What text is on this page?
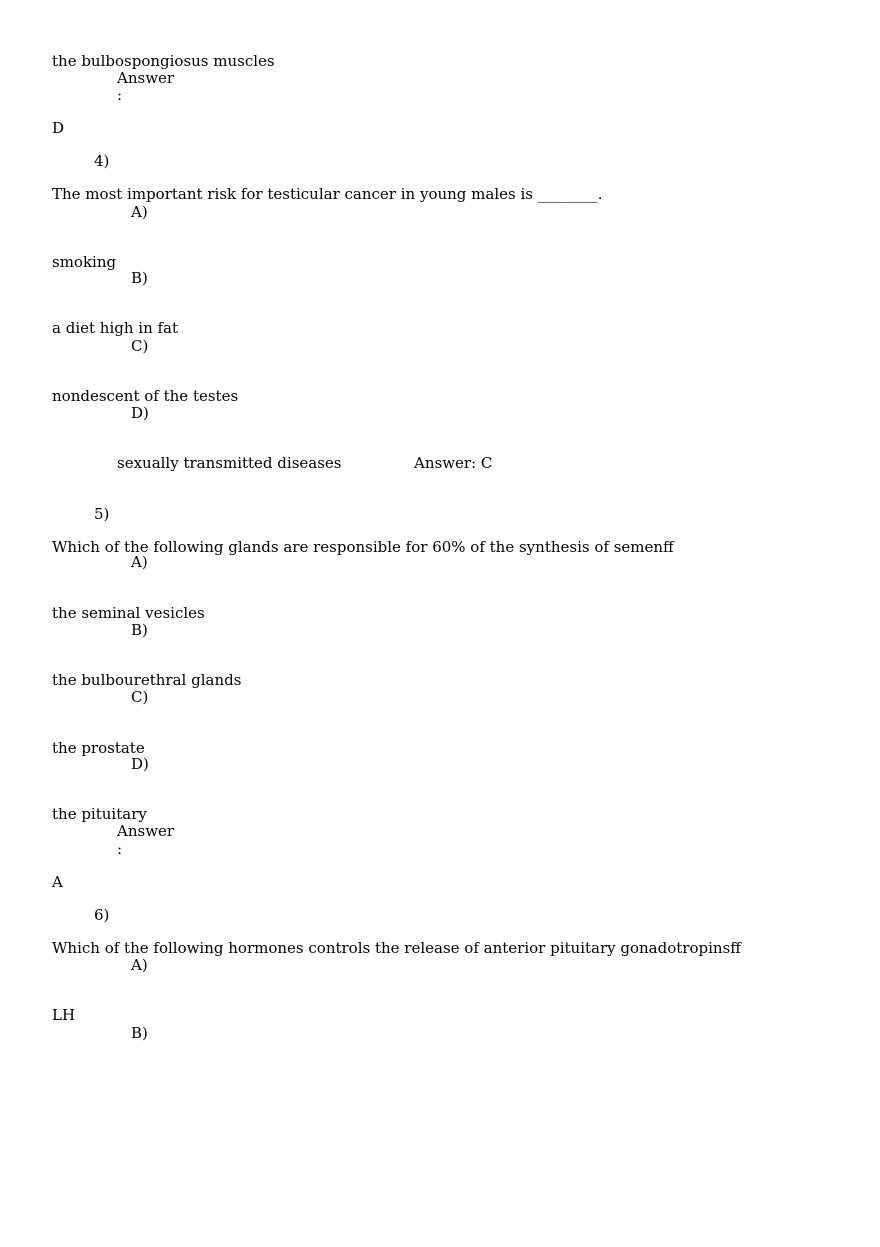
the bulbospongiosus muscles
Answer
:
D
4)
The most important risk for testicular cancer in young males is ________.
A)
smoking
B)
a diet high in fat
C)
nondescent of the testes
D)
sexually transmitted diseases	Answer: C
5)
Which of the following glands are responsible for 60% of the synthesis of semenff
A)
the seminal vesicles
B)
the bulbourethral glands
C)
the prostate
D)
the pituitary
Answer
:
A
6)
Which of the following hormones controls the release of anterior pituitary gonadotropinsff
A)
LH
B)
